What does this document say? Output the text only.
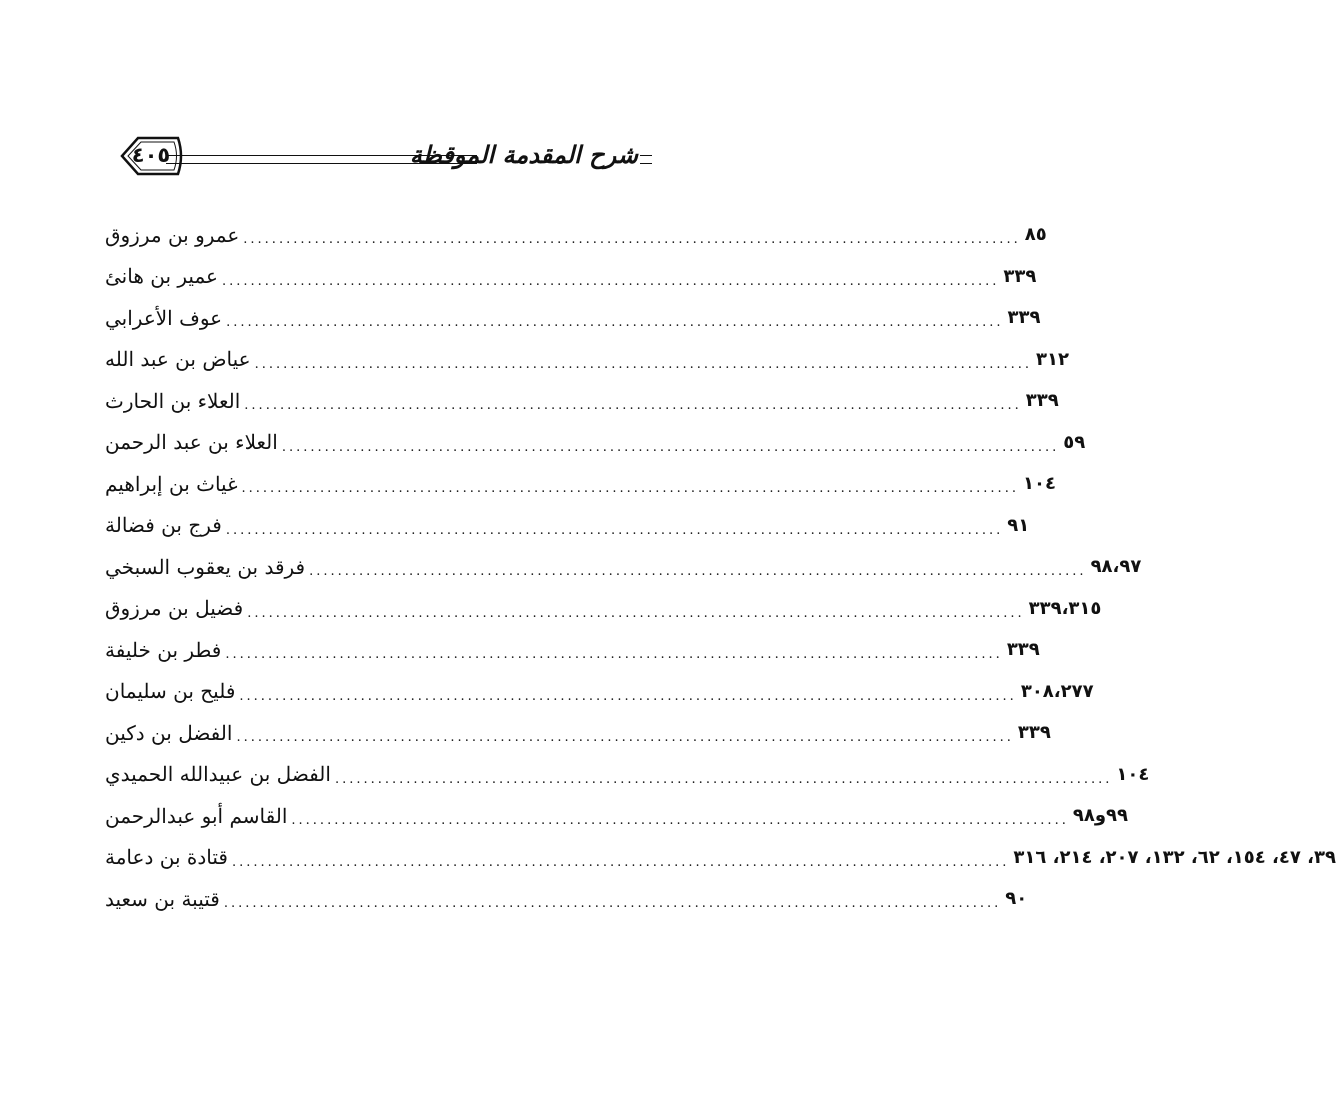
٤٠٥	شرح المقدمة الموقظة
عمرو بن مرزوق ............................................................................................................. ٨٥
عمير بن هانئ ............................................................................................................. ٣٣٩
عوف الأعرابي ............................................................................................................. ٣٣٩
عياض بن عبد الله ............................................................................................................. ٣١٢
العلاء بن الحارث ............................................................................................................. ٣٣٩
العلاء بن عبد الرحمن ............................................................................................................. ٥٩
غياث بن إبراهيم ............................................................................................................. ١٠٤
فرج بن فضالة ............................................................................................................. ٩١
فرقد بن يعقوب السبخي ............................................................................................................. ٩٨،٩٧
فضيل بن مرزوق ............................................................................................................. ٣٣٩،٣١٥
فطر بن خليفة ............................................................................................................. ٣٣٩
فليح بن سليمان ............................................................................................................. ٣٠٨،٢٧٧
الفضل بن دكين ............................................................................................................. ٣٣٩
الفضل بن عبيدالله الحميدي ............................................................................................................. ١٠٤
القاسم أبو عبدالرحمن ............................................................................................................. ٩٩و٩٨
قتادة بن دعامة ............................................................................................................. ٣٩، ٤٧، ١٥٤، ٦٢، ١٣٢، ٢٠٧، ٢١٤، ٣١٦
قتيبة بن سعيد ............................................................................................................. ٩٠
